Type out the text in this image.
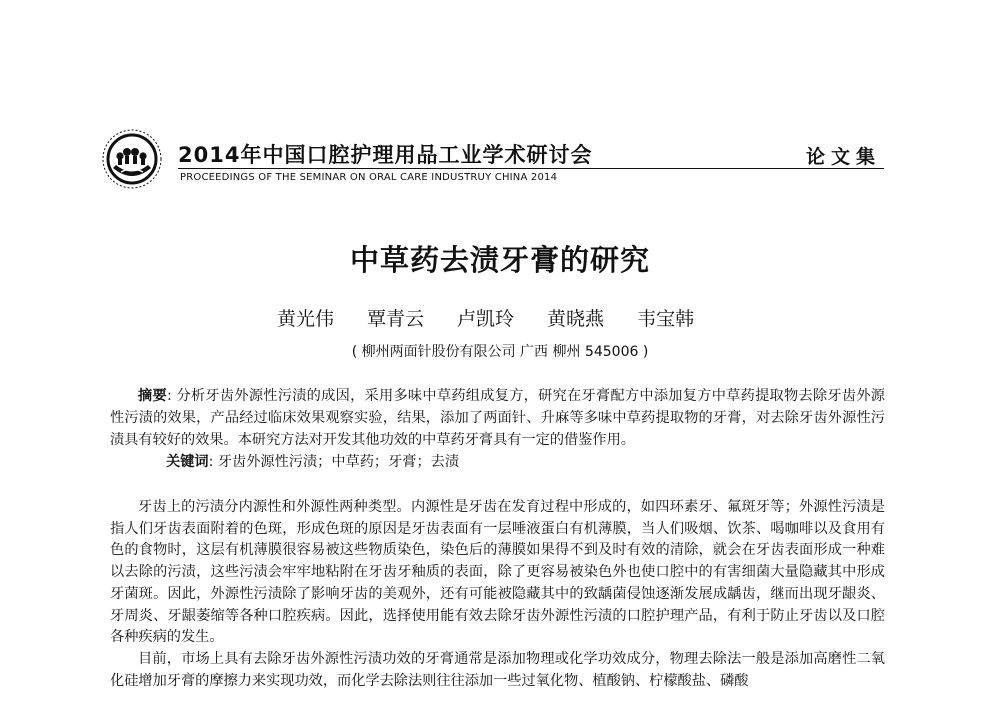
2014年中国口腔护理用品工业学术研讨会
PROCEEDINGS OF THE SEMINAR ON ORAL CARE INDUSTRUY CHINA 2014
论文集
中草药去渍牙膏的研究
黄光伟 覃青云 卢凯玲 黄晓燕 韦宝韩
( 柳州两面针股份有限公司 广西 柳州 545006 )

摘要: 分析牙齿外源性污渍的成因，采用多味中草药组成复方，研究在牙膏配方中添加复方中草药提取物去除牙齿外源性污渍的效果，产品经过临床效果观察实验，结果，添加了两面针、升麻等多味中草药提取物的牙膏，对去除牙齿外源性污渍具有较好的效果。本研究方法对开发其他功效的中草药牙膏具有一定的借鉴作用。

关键词: 牙齿外源性污渍；中草药；牙膏；去渍

牙齿上的污渍分内源性和外源性两种类型。内源性是牙齿在发育过程中形成的，如四环素牙、氟斑牙等；外源性污渍是指人们牙齿表面附着的色斑，形成色斑的原因是牙齿表面有一层唾液蛋白有机薄膜，当人们吸烟、饮茶、喝咖啡以及食用有色的食物时，这层有机薄膜很容易被这些物质染色，染色后的薄膜如果得不到及时有效的清除，就会在牙齿表面形成一种难以去除的污渍，这些污渍会牢牢地粘附在牙齿牙釉质的表面，除了更容易被染色外也使口腔中的有害细菌大量隐藏其中形成牙菌斑。因此，外源性污渍除了影响牙齿的美观外，还有可能被隐藏其中的致龋菌侵蚀逐渐发展成龋齿，继而出现牙龈炎、牙周炎、牙龈萎缩等各种口腔疾病。因此，选择使用能有效去除牙齿外源性污渍的口腔护理产品，有利于防止牙齿以及口腔各种疾病的发生。

目前，市场上具有去除牙齿外源性污渍功效的牙膏通常是添加物理或化学功效成分，物理去除法一般是添加高磨性二氧化硅增加牙膏的摩擦力来实现功效，而化学去除法则往往添加一些过氧化物、植酸钠、柠檬酸盐、磷酸
